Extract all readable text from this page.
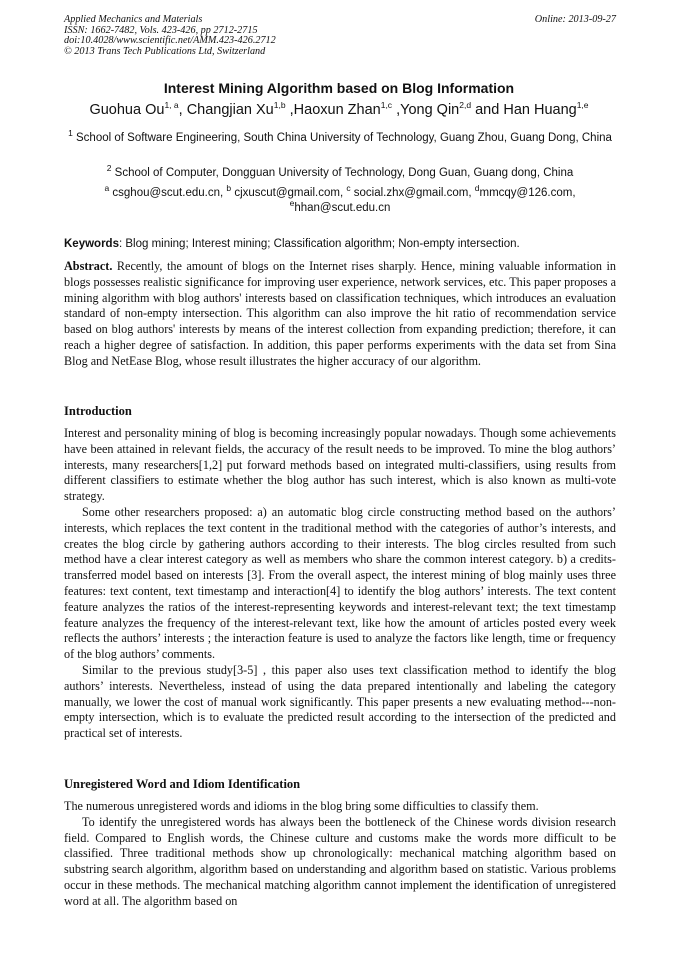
Applied Mechanics and Materials
ISSN: 1662-7482, Vols. 423-426, pp 2712-2715
doi:10.4028/www.scientific.net/AMM.423-426.2712
© 2013 Trans Tech Publications Ltd, Switzerland
Online: 2013-09-27
Interest Mining Algorithm based on Blog Information
Guohua Ou$^{1, a}$, Changjian Xu$^{1,b}$ ,Haoxun Zhan$^{1,c}$ ,Yong Qin$^{2,d}$ and Han Huang$^{1,e}$
$^1$ School of Software Engineering, South China University of Technology, Guang Zhou, Guang Dong, China
$^2$ School of Computer, Dongguan University of Technology, Dong Guan, Guang dong, China
$^a$ csghou@scut.edu.cn, $^b$ cjxuscut@gmail.com, $^c$ social.zhx@gmail.com, $^d$mmcqy@126.com, $^e$hhan@scut.edu.cn
Keywords: Blog mining; Interest mining; Classification algorithm; Non-empty intersection.

Abstract. Recently, the amount of blogs on the Internet rises sharply. Hence, mining valuable information in blogs possesses realistic significance for improving user experience, network services, etc. This paper proposes a mining algorithm with blog authors' interests based on classification techniques, which introduces an evaluation standard of non-empty intersection. This algorithm can also improve the hit ratio of recommendation service based on blog authors' interests by means of the interest collection from expanding prediction; therefore, it can reach a higher degree of satisfaction. In addition, this paper performs experiments with the data set from Sina Blog and NetEase Blog, whose result illustrates the higher accuracy of our algorithm.

Introduction

Interest and personality mining of blog is becoming increasingly popular nowadays. Though some achievements have been attained in relevant fields, the accuracy of the result needs to be improved. To mine the blog authors’ interests, many researchers[1,2] put forward methods based on integrated multi-classifiers, using results from different classifiers to estimate whether the blog author has such interest, which is also known as multi-vote strategy.

Some other researchers proposed: a) an automatic blog circle constructing method based on the authors’ interests, which replaces the text content in the traditional method with the categories of author’s interests, and creates the blog circle by gathering authors according to their interests. The blog circles resulted from such method have a clear interest category as well as members who share the common interest category. b) a credits-transferred model based on interests [3]. From the overall aspect, the interest mining of blog mainly uses three features: text content, text timestamp and interaction[4] to identify the blog authors’ interests. The text content feature analyzes the ratios of the interest-representing keywords and interest-relevant text; the text timestamp feature analyzes the frequency of the interest-relevant text, like how the amount of articles posted every week reflects the authors’ interests ; the interaction feature is used to analyze the factors like length, time or frequency of the blog authors’ comments.

Similar to the previous study[3-5] , this paper also uses text classification method to identify the blog authors’ interests. Nevertheless, instead of using the data prepared intentionally and labeling the category manually, we lower the cost of manual work significantly. This paper presents a new evaluating method---non-empty intersection, which is to evaluate the predicted result according to the intersection of the predicted and practical set of interests.

Unregistered Word and Idiom Identification

The numerous unregistered words and idioms in the blog bring some difficulties to classify them.

To identify the unregistered words has always been the bottleneck of the Chinese words division research field. Compared to English words, the Chinese culture and customs make the words more difficult to be classified. Three traditional methods show up chronologically: mechanical matching algorithm based on substring search algorithm, algorithm based on understanding and algorithm based on statistic. Various problems occur in these methods. The mechanical matching algorithm cannot implement the identification of unregistered word at all. The algorithm based on
